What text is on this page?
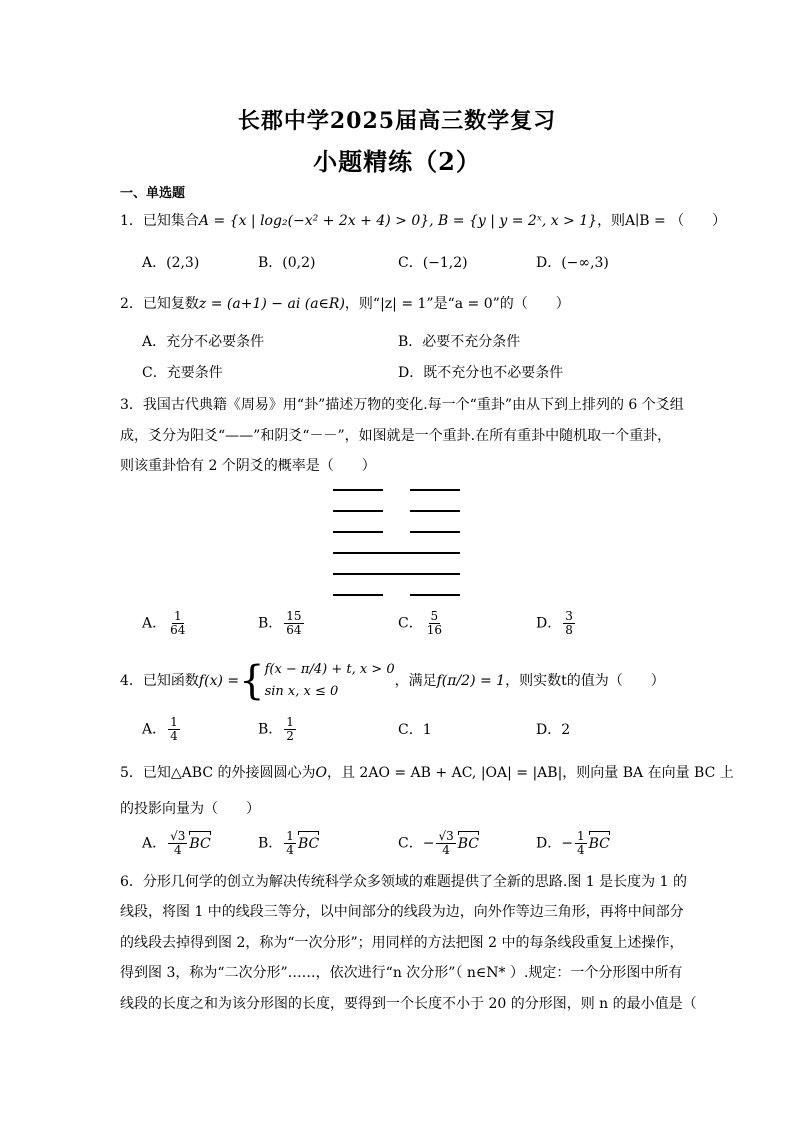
长郡中学2025届高三数学复习
小题精练（2）
一、单选题
1．已知集合A = {x | log₂(−x² + 2x + 4) > 0}, B = {y | y = 2ˣ, x > 1}，则A∣B = （　　）
A．(2,3)	B．(0,2)	C．(−1,2)	D．(−∞,3)
2．已知复数z = (a+1) − ai (a∈R)，则“|z| = 1”是“a = 0”的（　　）
A．充分不必要条件	B．必要不充分条件
C．充要条件	D．既不充分也不必要条件
3．我国古代典籍《周易》用“卦”描述万物的变化.每一个“重卦”由从下到上排列的 6 个爻组
成，爻分为阳爻“——”和阴爻“－－”，如图就是一个重卦.在所有重卦中随机取一个重卦，
则该重卦恰有 2 个阴爻的概率是（　　）
A． $\frac{1}{64}$	B． $\frac{15}{64}$	C． $\frac{5}{16}$	D． $\frac{3}{8}$
4．已知函数 f(x) = { f(x − π/4) + t, x > 0
sin x, x ≤ 0
，满足 f(π/2) = 1 ，则实数t的值为（　　）
A． $\frac{1}{4}$	B． $\frac{1}{2}$	C．1	D．2
5．已知△ABC 的外接圆圆心为O，且 2AO = AB + AC, |OA| = |AB|，则向量 BA 在向量 BC 上
的投影向量为（　　）
A． $\frac{√3}{4}$ BC	B． $\frac{1}{4}$ BC	C．− $\frac{√3}{4}$ BC	D．− $\frac{1}{4}$ BC
6．分形几何学的创立为解决传统科学众多领域的难题提供了全新的思路.图 1 是长度为 1 的
线段，将图 1 中的线段三等分，以中间部分的线段为边，向外作等边三角形，再将中间部分
的线段去掉得到图 2，称为“一次分形”；用同样的方法把图 2 中的每条线段重复上述操作，
得到图 3，称为“二次分形”……，依次进行“n 次分形”（ n∈N* ）.规定：一个分形图中所有
线段的长度之和为该分形图的长度，要得到一个长度不小于 20 的分形图，则 n 的最小值是（
